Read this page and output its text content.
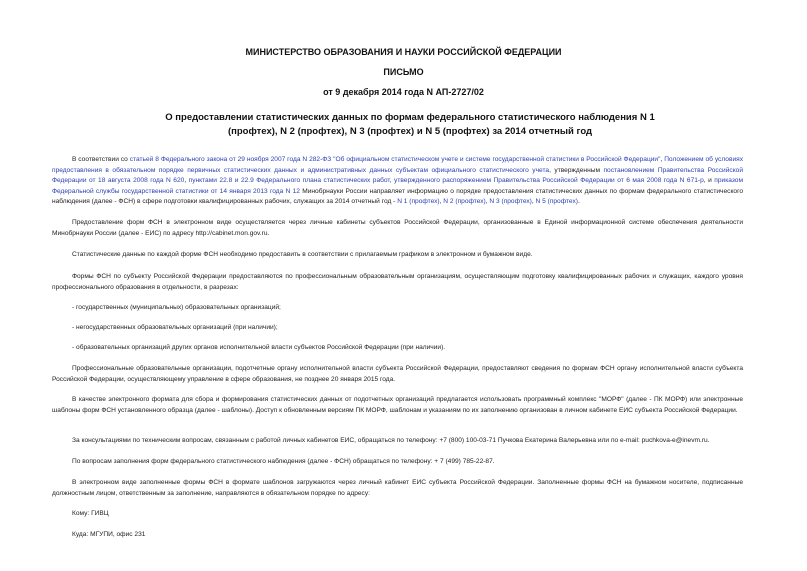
МИНИСТЕРСТВО ОБРАЗОВАНИЯ И НАУКИ РОССИЙСКОЙ ФЕДЕРАЦИИ
ПИСЬМО
от 9 декабря 2014 года N АП-2727/02
О предоставлении статистических данных по формам федерального статистического наблюдения N 1 (профтех), N 2 (профтех), N 3 (профтех) и N 5 (профтех) за 2014 отчетный год
В соответствии со статьей 8 Федерального закона от 29 ноября 2007 года N 282-ФЗ "Об официальном статистическом учете и системе государственной статистики в Российской Федерации", Положением об условиях предоставления в обязательном порядке первичных статистических данных и административных данных субъектам официального статистического учета, утвержденным постановлением Правительства Российской Федерации от 18 августа 2008 года N 620, пунктами 22.8 и 22.9 Федерального плана статистических работ, утвержденного распоряжением Правительства Российской Федерации от 6 мая 2008 года N 671-р, и приказом Федеральной службы государственной статистики от 14 января 2013 года N 12 Минобрнауки России направляет информацию о порядке предоставления статистических данных по формам федерального статистического наблюдения (далее - ФСН) в сфере подготовки квалифицированных рабочих, служащих за 2014 отчетный год - N 1 (профтех), N 2 (профтех), N 3 (профтех), N 5 (профтех).
Предоставление форм ФСН в электронном виде осуществляется через личные кабинеты субъектов Российской Федерации, организованные в Единой информационной системе обеспечения деятельности Минобрнауки России (далее - ЕИС) по адресу http://cabinet.mon.gov.ru.
Статистические данные по каждой форме ФСН необходимо предоставить в соответствии с прилагаемым графиком в электронном и бумажном виде.
Формы ФСН по субъекту Российской Федерации предоставляются по профессиональным образовательным организациям, осуществляющим подготовку квалифицированных рабочих и служащих, каждого уровня профессионального образования в отдельности, в разрезах:
- государственных (муниципальных) образовательных организаций;
- негосударственных образовательных организаций (при наличии);
- образовательных организаций других органов исполнительной власти субъектов Российской Федерации (при наличии).
Профессиональные образовательные организации, подотчетные органу исполнительной власти субъекта Российской Федерации, предоставляют сведения по формам ФСН органу исполнительной власти субъекта Российской Федерации, осуществляющему управление в сфере образования, не позднее 20 января 2015 года.
В качестве электронного формата для сбора и формирования статистических данных от подотчетных организаций предлагается использовать программный комплекс "МОРФ" (далее - ПК МОРФ) или электронные шаблоны форм ФСН установленного образца (далее - шаблоны). Доступ к обновленным версиям ПК МОРФ, шаблонам и указаниям по их заполнению организован в личном кабинете ЕИС субъекта Российской Федерации.
За консультациями по техническим вопросам, связанным с работой личных кабинетов ЕИС, обращаться по телефону: +7 (800) 100-03-71 Пучкова Екатерина Валерьевна или по e-mail: puchkova-e@inevm.ru.
По вопросам заполнения форм федерального статистического наблюдения (далее - ФСН) обращаться по телефону: + 7 (499) 785-22-87.
В электронном виде заполненные формы ФСН в формате шаблонов загружаются через личный кабинет ЕИС субъекта Российской Федерации. Заполненные формы ФСН на бумажном носителе, подписанные должностным лицом, ответственным за заполнение, направляются в обязательном порядке по адресу:
Кому: ГИВЦ
Куда: МГУПИ, офис 231
